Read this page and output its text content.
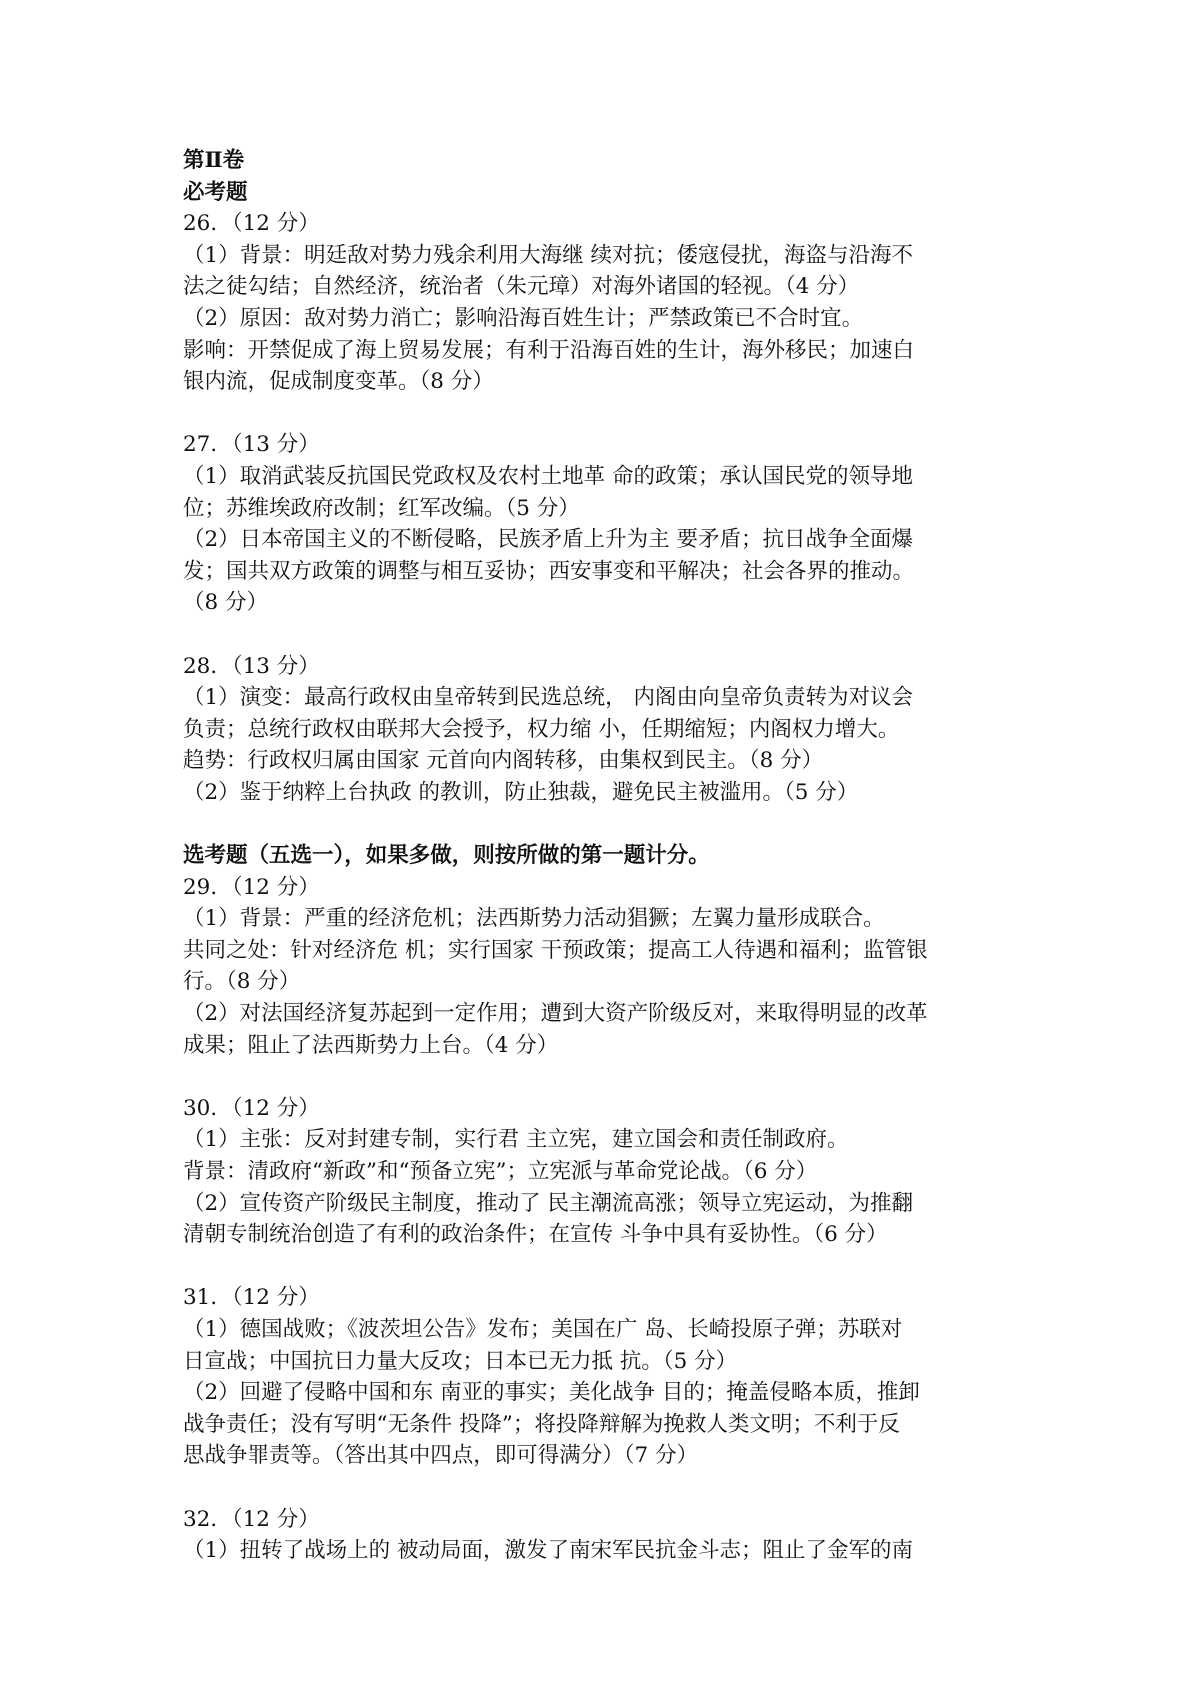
第Ⅱ卷
必考题
26．（12 分）
（1）背景：明廷敌对势力残余利用大海继 续对抗；倭寇侵扰，海盗与沿海不
法之徒勾结；自然经济，统治者（朱元璋）对海外诸国的轻视。（4 分）
（2）原因：敌对势力消亡；影响沿海百姓生计；严禁政策已不合时宜。
影响：开禁促成了海上贸易发展；有利于沿海百姓的生计，海外移民；加速白
银内流，促成制度变革。（8 分）
27．（13 分）
（1）取消武装反抗国民党政权及农村土地革 命的政策；承认国民党的领导地
位；苏维埃政府改制；红军改编。（5 分）
（2）日本帝国主义的不断侵略，民族矛盾上升为主 要矛盾；抗日战争全面爆
发；国共双方政策的调整与相互妥协；西安事变和平解决；社会各界的推动。
（8 分）
28．（13 分）
（1）演变：最高行政权由皇帝转到民选总统， 内阁由向皇帝负责转为对议会
负责；总统行政权由联邦大会授予，权力缩 小，任期缩短；内阁权力增大。
趋势：行政权归属由国家 元首向内阁转移，由集权到民主。（8 分）
（2）鉴于纳粹上台执政 的教训，防止独裁，避免民主被滥用。（5 分）
选考题（五选一），如果多做，则按所做的第一题计分。
29．（12 分）
（1）背景：严重的经济危机；法西斯势力活动猖獗；左翼力量形成联合。
共同之处：针对经济危 机；实行国家 干预政策；提高工人待遇和福利；监管银
行。（8 分）
（2）对法国经济复苏起到一定作用；遭到大资产阶级反对，来取得明显的改革
成果；阻止了法西斯势力上台。（4 分）
30．（12 分）
（1）主张：反对封建专制，实行君 主立宪，建立国会和责任制政府。
背景：清政府“新政”和“预备立宪”；立宪派与革命党论战。（6 分）
（2）宣传资产阶级民主制度，推动了 民主潮流高涨；领导立宪运动，为推翻
清朝专制统治创造了有利的政治条件；在宣传 斗争中具有妥协性。（6 分）
31．（12 分）
（1）德国战败；《波茨坦公告》发布；美国在广 岛、长崎投原子弹；苏联对
日宣战；中国抗日力量大反攻；日本已无力抵 抗。（5 分）
（2）回避了侵略中国和东 南亚的事实；美化战争 目的；掩盖侵略本质，推卸
战争责任；没有写明“无条件 投降”；将投降辩解为挽救人类文明；不利于反
思战争罪责等。（答出其中四点，即可得满分）（7 分）
32．（12 分）
（1）扭转了战场上的 被动局面，激发了南宋军民抗金斗志；阻止了金军的南
